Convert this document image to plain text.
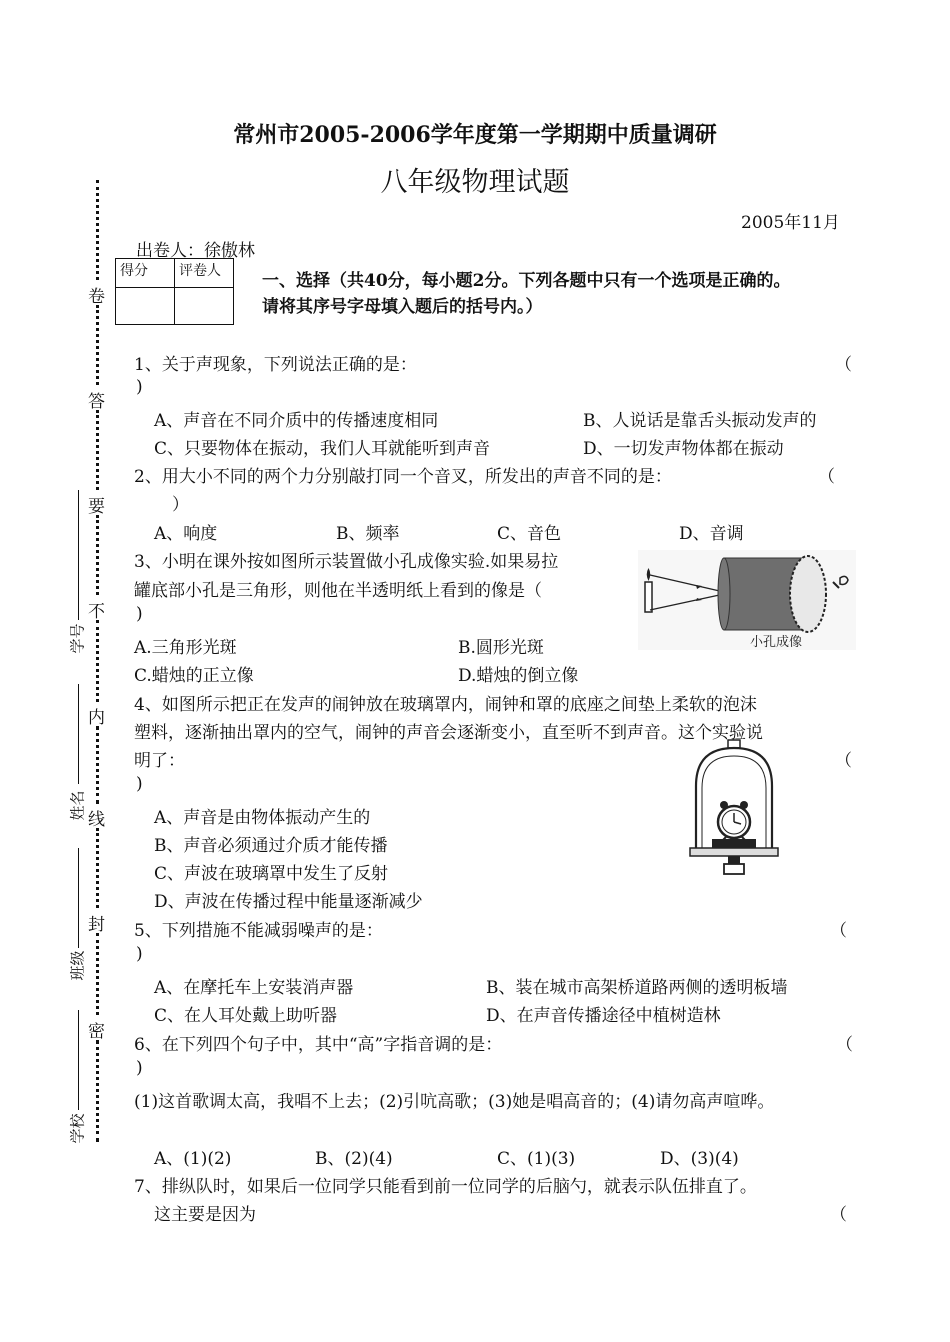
常州市2005-2006学年度第一学期期中质量调研
八年级物理试题
2005年11月
出卷人：徐傲林
卷
答
要
不
内
线
封
密
学号
姓名
班级
学校
得分	评卷人
	一、选择（共40分，每小题2分。下列各题中只有一个选项是正确的。
请将其序号字母填入题后的括号内。）
1、关于声现象，下列说法正确的是：	（
)
A、声音在不同介质中的传播速度相同	B、人说话是靠舌头振动发声的
C、只要物体在振动，我们人耳就能听到声音	D、一切发声物体都在振动
2、用大小不同的两个力分别敲打同一个音叉，所发出的声音不同的是：	（
）
A、响度	B、频率	C、音色	D、音调
3、小明在课外按如图所示装置做小孔成像实验.如果易拉
罐底部小孔是三角形，则他在半透明纸上看到的像是（
)
A.三角形光斑	B.圆形光斑
C.蜡烛的正立像	D.蜡烛的倒立像
小孔成像
4、如图所示把正在发声的闹钟放在玻璃罩内，闹钟和罩的底座之间垫上柔软的泡沫
塑料，逐渐抽出罩内的空气，闹钟的声音会逐渐变小，直至听不到声音。这个实验说
明了：	（
)
A、声音是由物体振动产生的
B、声音必须通过介质才能传播
C、声波在玻璃罩中发生了反射
D、声波在传播过程中能量逐渐减少
5、下列措施不能减弱噪声的是：	（
)
A、在摩托车上安装消声器	B、装在城市高架桥道路两侧的透明板墙
C、在人耳处戴上助听器	D、在声音传播途径中植树造林
6、在下列四个句子中，其中“高”字指音调的是：	（
)
(1)这首歌调太高，我唱不上去；(2)引吭高歌；(3)她是唱高音的；(4)请勿高声喧哗。
A、(1)(2)	B、(2)(4)	C、(1)(3)	D、(3)(4)
7、排纵队时，如果后一位同学只能看到前一位同学的后脑勺，就表示队伍排直了。
这主要是因为	（
